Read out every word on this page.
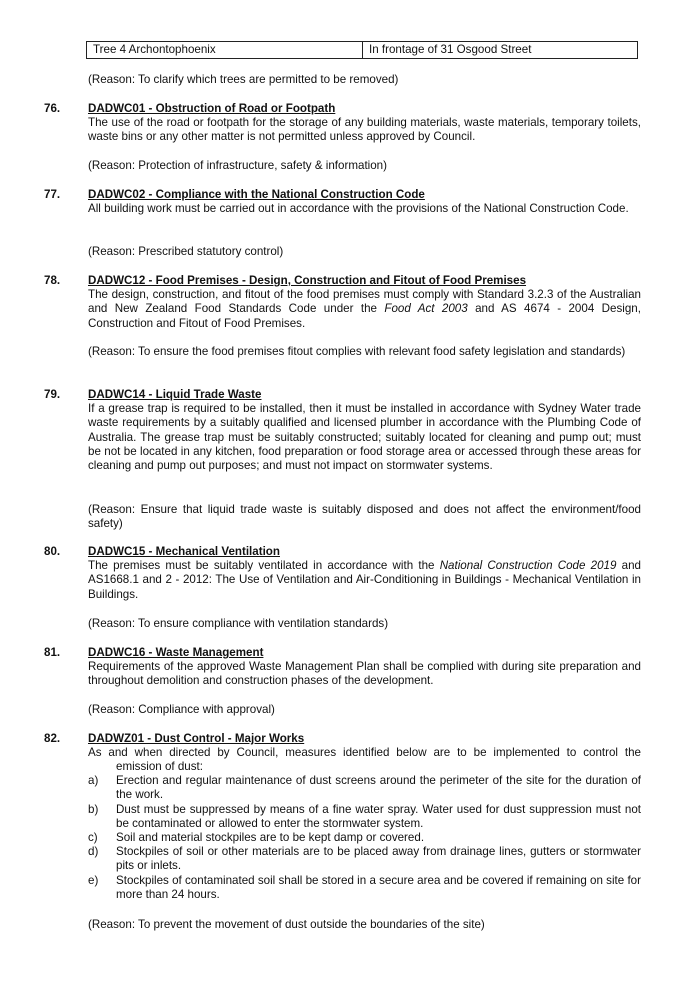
Tree 4 Archontophoenix	In frontage of 31 Osgood Street

(Reason: To clarify which trees are permitted to be removed)

76. DADWC01 - Obstruction of Road or Footpath

The use of the road or footpath for the storage of any building materials, waste materials, temporary toilets, waste bins or any other matter is not permitted unless approved by Council.

(Reason: Protection of infrastructure, safety & information)

77. DADWC02 - Compliance with the National Construction Code

All building work must be carried out in accordance with the provisions of the National Construction Code.

(Reason: Prescribed statutory control)

78. DADWC12 - Food Premises - Design, Construction and Fitout of Food Premises

The design, construction, and fitout of the food premises must comply with Standard 3.2.3 of the Australian and New Zealand Food Standards Code under the Food Act 2003 and AS 4674 - 2004 Design, Construction and Fitout of Food Premises.

(Reason: To ensure the food premises fitout complies with relevant food safety legislation and standards)

79. DADWC14 - Liquid Trade Waste

If a grease trap is required to be installed, then it must be installed in accordance with Sydney Water trade waste requirements by a suitably qualified and licensed plumber in accordance with the Plumbing Code of Australia. The grease trap must be suitably constructed; suitably located for cleaning and pump out; must be not be located in any kitchen, food preparation or food storage area or accessed through these areas for cleaning and pump out purposes; and must not impact on stormwater systems.

(Reason: Ensure that liquid trade waste is suitably disposed and does not affect the environment/food safety)

80. DADWC15 - Mechanical Ventilation

The premises must be suitably ventilated in accordance with the National Construction Code 2019 and AS1668.1 and 2 - 2012: The Use of Ventilation and Air-Conditioning in Buildings - Mechanical Ventilation in Buildings.

(Reason: To ensure compliance with ventilation standards)

81. DADWC16 - Waste Management

Requirements of the approved Waste Management Plan shall be complied with during site preparation and throughout demolition and construction phases of the development.

(Reason: Compliance with approval)

82. DADWZ01 - Dust Control - Major Works

As and when directed by Council, measures identified below are to be implemented to control the

emission of dust:

a) Erection and regular maintenance of dust screens around the perimeter of the site for the duration of the work.
b) Dust must be suppressed by means of a fine water spray. Water used for dust suppression must not be contaminated or allowed to enter the stormwater system.
c) Soil and material stockpiles are to be kept damp or covered.
d) Stockpiles of soil or other materials are to be placed away from drainage lines, gutters or stormwater pits or inlets.
e) Stockpiles of contaminated soil shall be stored in a secure area and be covered if remaining on site for more than 24 hours.

(Reason: To prevent the movement of dust outside the boundaries of the site)
